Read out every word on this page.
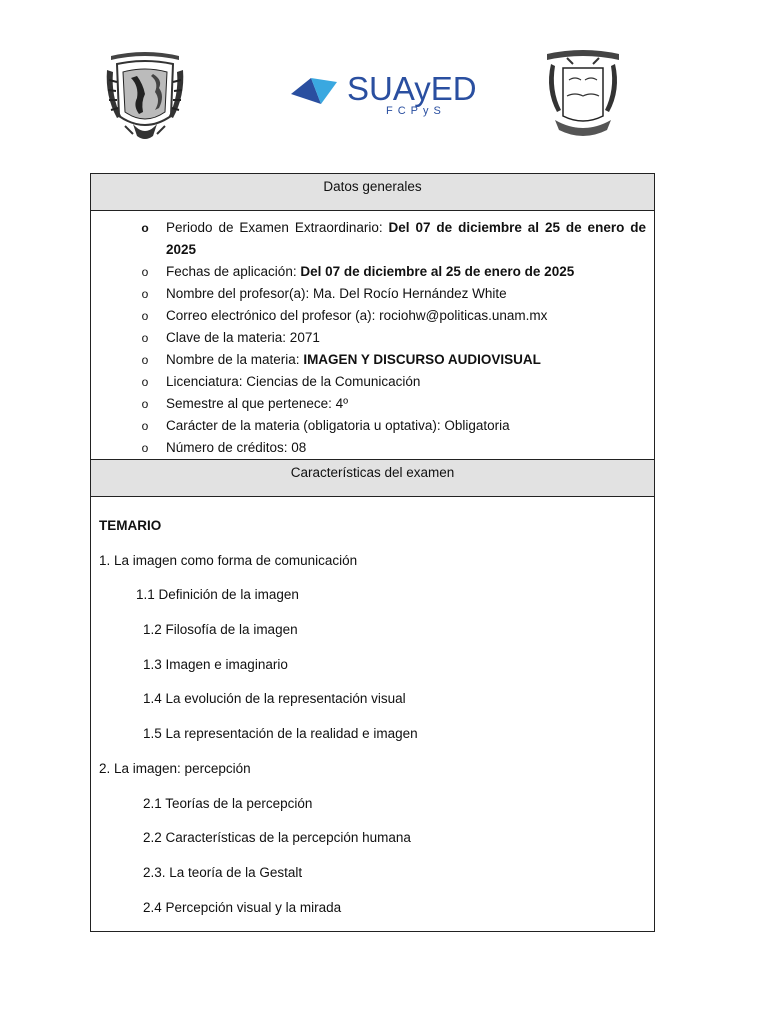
SUAyED
FCPyS
Datos generales

o Periodo de Examen Extraordinario: Del 07 de diciembre al 25 de enero de 2025
o Fechas de aplicación: Del 07 de diciembre al 25 de enero de 2025
o Nombre del profesor(a): Ma. Del Rocío Hernández White
o Correo electrónico del profesor (a): rociohw@politicas.unam.mx
o Clave de la materia: 2071
o Nombre de la materia: IMAGEN Y DISCURSO AUDIOVISUAL
o Licenciatura: Ciencias de la Comunicación
o Semestre al que pertenece: 4º
o Carácter de la materia (obligatoria u optativa): Obligatoria
o Número de créditos: 08

Características del examen

TEMARIO

1. La imagen como forma de comunicación

1.1 Definición de la imagen

1.2 Filosofía de la imagen

1.3 Imagen e imaginario

1.4 La evolución de la representación visual

1.5 La representación de la realidad e imagen

2. La imagen: percepción

2.1 Teorías de la percepción

2.2 Características de la percepción humana

2.3. La teoría de la Gestalt

2.4 Percepción visual y la mirada
